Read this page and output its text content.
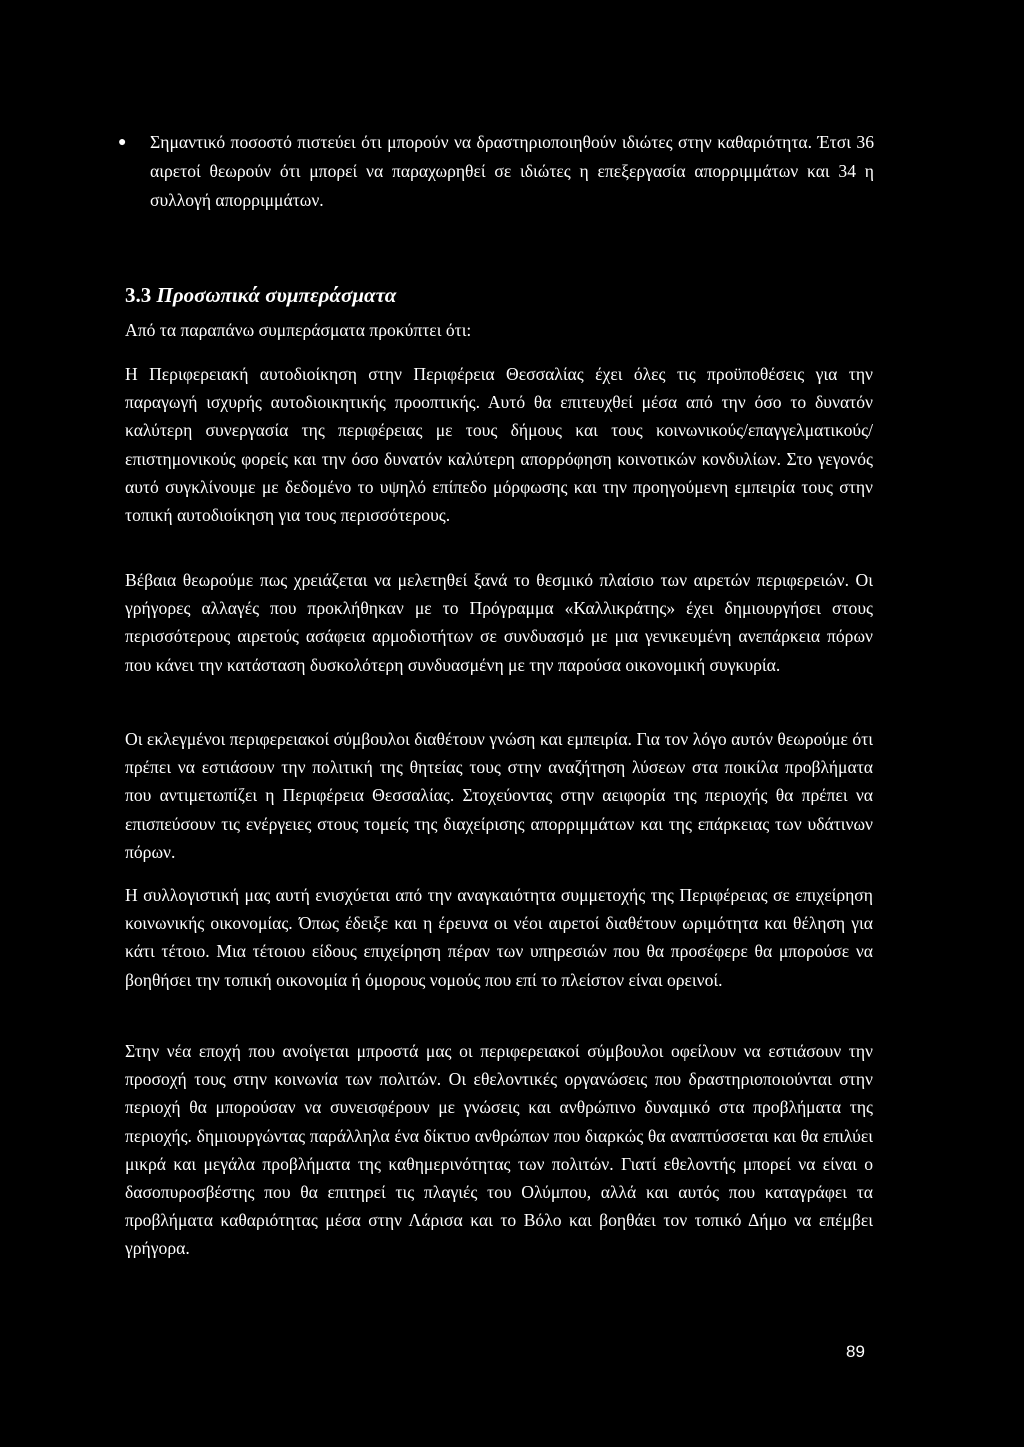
●	Σημαντικό ποσοστό πιστεύει ότι μπορούν να δραστηριοποιηθούν ιδιώτες στην καθαριότητα. Έτσι 36 αιρετοί θεωρούν ότι μπορεί να παραχωρηθεί σε ιδιώτες η επεξεργασία απορριμμάτων και 34 η συλλογή απορριμμάτων.
3.3 Προσωπικά συμπεράσματα
Από τα παραπάνω συμπεράσματα προκύπτει ότι:

Η Περιφερειακή αυτοδιοίκηση στην Περιφέρεια Θεσσαλίας έχει όλες τις προϋποθέσεις για την παραγωγή ισχυρής αυτοδιοικητικής προοπτικής. Αυτό θα επιτευχθεί μέσα από την όσο το δυνατόν καλύτερη συνεργασία της περιφέρειας με τους δήμους και τους κοινωνικούς/επαγγελματικούς/επιστημονικούς φορείς και την όσο δυνατόν καλύτερη απορρόφηση κοινοτικών κονδυλίων. Στο γεγονός αυτό συγκλίνουμε με δεδομένο το υψηλό επίπεδο μόρφωσης και την προηγούμενη εμπειρία τους στην τοπική αυτοδιοίκηση για τους περισσότερους.

Βέβαια θεωρούμε πως χρειάζεται να μελετηθεί ξανά το θεσμικό πλαίσιο των αιρετών περιφερειών. Οι γρήγορες αλλαγές που προκλήθηκαν με το Πρόγραμμα «Καλλικράτης» έχει δημιουργήσει στους περισσότερους αιρετούς ασάφεια αρμοδιοτήτων σε συνδυασμό με μια γενικευμένη ανεπάρκεια πόρων που κάνει την κατάσταση δυσκολότερη συνδυασμένη με την παρούσα οικονομική συγκυρία.

Οι εκλεγμένοι περιφερειακοί σύμβουλοι διαθέτουν γνώση και εμπειρία. Για τον λόγο αυτόν θεωρούμε ότι πρέπει να εστιάσουν την πολιτική της θητείας τους στην αναζήτηση λύσεων στα ποικίλα προβλήματα που αντιμετωπίζει η Περιφέρεια Θεσσαλίας. Στοχεύοντας στην αειφορία της περιοχής θα πρέπει να επισπεύσουν τις ενέργειες στους τομείς της διαχείρισης απορριμμάτων και της επάρκειας των υδάτινων πόρων.

Η συλλογιστική μας αυτή ενισχύεται από την αναγκαιότητα συμμετοχής της Περιφέρειας σε επιχείρηση κοινωνικής οικονομίας. Όπως έδειξε και η έρευνα οι νέοι αιρετοί διαθέτουν ωριμότητα και θέληση για κάτι τέτοιο. Μια τέτοιου είδους επιχείρηση πέραν των υπηρεσιών που θα προσέφερε θα μπορούσε να βοηθήσει την τοπική οικονομία ή όμορους νομούς που επί το πλείστον είναι ορεινοί.

Στην νέα εποχή που ανοίγεται μπροστά μας οι περιφερειακοί σύμβουλοι οφείλουν να εστιάσουν την προσοχή τους στην κοινωνία των πολιτών. Οι εθελοντικές οργανώσεις που δραστηριοποιούνται στην περιοχή θα μπορούσαν να συνεισφέρουν με γνώσεις και ανθρώπινο δυναμικό στα προβλήματα της περιοχής. δημιουργώντας παράλληλα ένα δίκτυο ανθρώπων που διαρκώς θα αναπτύσσεται και θα επιλύει μικρά και μεγάλα προβλήματα της καθημερινότητας των πολιτών. Γιατί εθελοντής μπορεί να είναι ο δασοπυροσβέστης που θα επιτηρεί τις πλαγιές του Ολύμπου, αλλά και αυτός που καταγράφει τα προβλήματα καθαριότητας μέσα στην Λάρισα και το Βόλο και βοηθάει τον τοπικό Δήμο να επέμβει γρήγορα.

89
